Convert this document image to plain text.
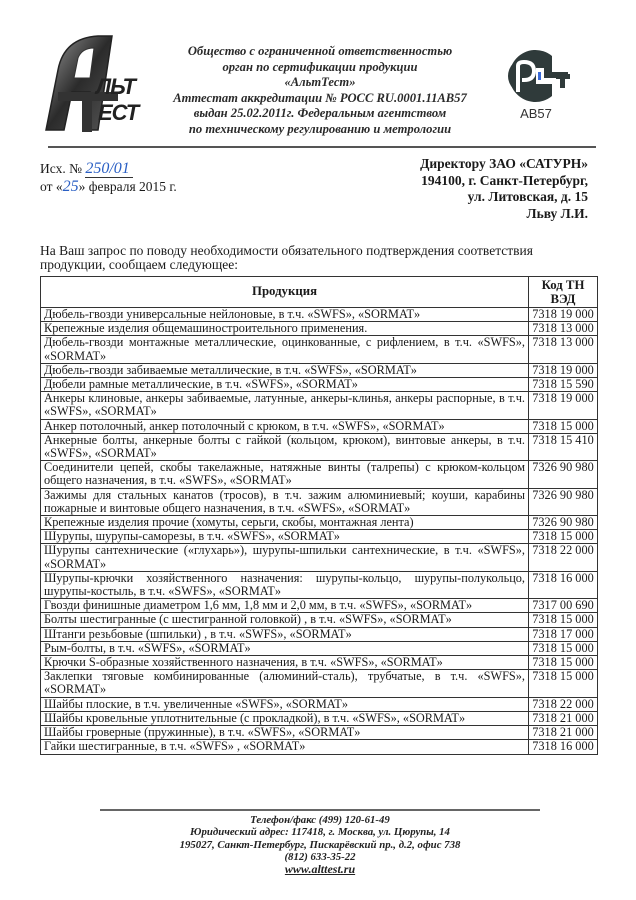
ЛЬТ
ЕСТ
Общество с ограниченной ответственностью
орган по сертификации продукции
«АльтТест»
Аттестат аккредитации № РОСС RU.0001.11АВ57
выдан 25.02.2011г. Федеральным агентством
по техническому регулированию и метрологии
АВ57
Исх. № 250/01
от «25» февраля 2015 г.
Директору ЗАО «САТУРН»
194100, г. Санкт-Петербург,
ул. Литовская, д. 15
Льву Л.И.
На Ваш запрос по поводу необходимости обязательного подтверждения соответствия продукции, сообщаем следующее:
Продукция	Код ТН ВЭД
Дюбель-гвозди универсальные нейлоновые, в т.ч. «SWFS», «SORMAT»	7318 19 000
Крепежные изделия общемашиностроительного применения.	7318 13 000
Дюбель-гвозди монтажные металлические, оцинкованные, с рифлением, в т.ч. «SWFS», «SORMAT»	7318 13 000
Дюбель-гвозди забиваемые металлические, в т.ч. «SWFS», «SORMAT»	7318 19 000
Дюбели рамные металлические, в т.ч. «SWFS», «SORMAT»	7318 15 590
Анкеры клиновые, анкеры забиваемые, латунные, анкеры-клинья, анкеры распорные, в т.ч. «SWFS», «SORMAT»	7318 19 000
Анкер потолочный, анкер потолочный с крюком, в т.ч. «SWFS», «SORMAT»	7318 15 000
Анкерные болты, анкерные болты с гайкой (кольцом, крюком), винтовые анкеры, в т.ч. «SWFS», «SORMAT»	7318 15 410
Соединители цепей, скобы такелажные, натяжные винты (талрепы) с крюком-кольцом общего назначения, в т.ч. «SWFS», «SORMAT»	7326 90 980
Зажимы для стальных канатов (тросов), в т.ч. зажим алюминиевый; коуши, карабины пожарные и винтовые общего назначения, в т.ч. «SWFS», «SORMAT»	7326 90 980
Крепежные изделия прочие (хомуты, серьги, скобы, монтажная лента)	7326 90 980
Шурупы, шурупы-саморезы, в т.ч. «SWFS», «SORMAT»	7318 15 000
Шурупы сантехнические («глухарь»), шурупы-шпильки сантехнические, в т.ч. «SWFS», «SORMAT»	7318 22 000
Шурупы-крючки хозяйственного назначения: шурупы-кольцо, шурупы-полукольцо, шурупы-костыль, в т.ч. «SWFS», «SORMAT»	7318 16 000
Гвозди финишные диаметром 1,6 мм, 1,8 мм и 2,0 мм, в т.ч. «SWFS», «SORMAT»	7317 00 690
Болты шестигранные (с шестигранной головкой) , в т.ч. «SWFS», «SORMAT»	7318 15 000
Штанги резьбовые (шпильки) , в т.ч. «SWFS», «SORMAT»	7318 17 000
Рым-болты, в т.ч. «SWFS», «SORMAT»	7318 15 000
Крючки S-образные хозяйственного назначения, в т.ч. «SWFS», «SORMAT»	7318 15 000
Заклепки тяговые комбинированные (алюминий-сталь), трубчатые, в т.ч. «SWFS», «SORMAT»	7318 15 000
Шайбы плоские, в т.ч. увеличенные «SWFS», «SORMAT»	7318 22 000
Шайбы кровельные уплотнительные (с прокладкой), в т.ч. «SWFS», «SORMAT»	7318 21 000
Шайбы гроверные (пружинные), в т.ч. «SWFS», «SORMAT»	7318 21 000
Гайки шестигранные, в т.ч. «SWFS» , «SORMAT»	7318 16 000
Телефон/факс (499) 120-61-49
Юридический адрес: 117418, г. Москва, ул. Цюрупы, 14
195027, Санкт-Петербург, Пискарёвский пр., д.2, офис 738
(812) 633-35-22
www.alttest.ru
